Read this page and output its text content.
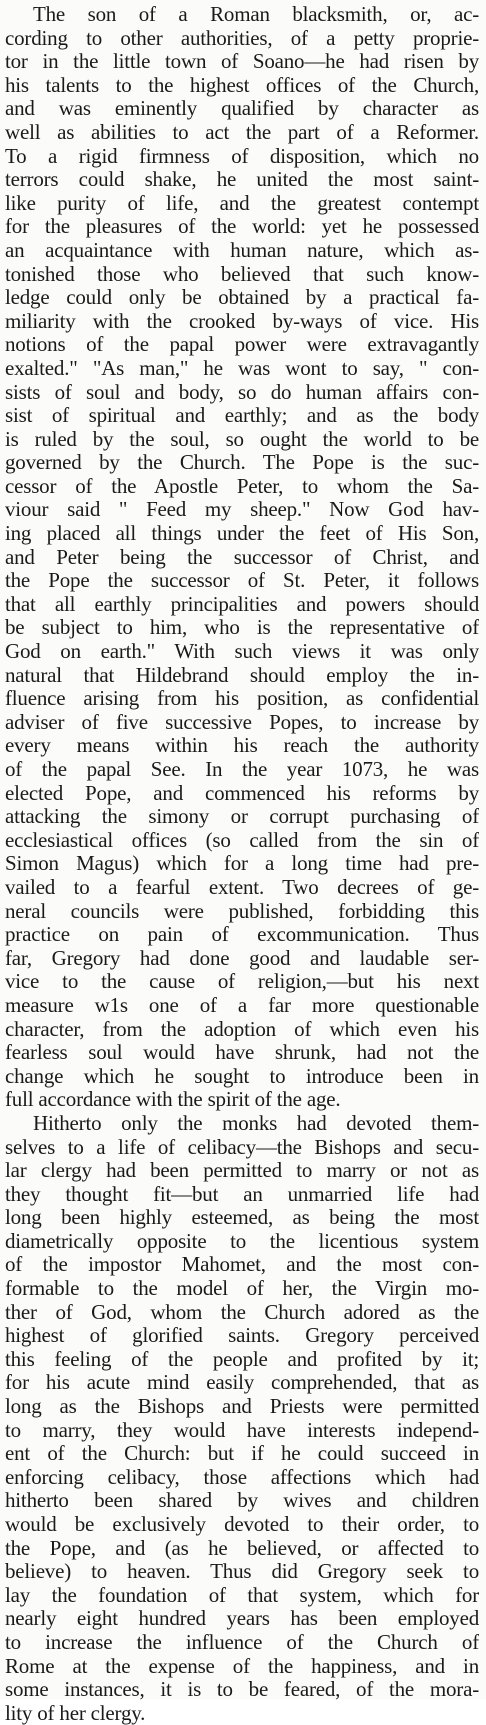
The son of a Roman blacksmith, or, ac-
cording to other authorities, of a petty proprie-
tor in the little town of Soano—he had risen by
his talents to the highest offices of the Church,
and was eminently qualified by character as
well as abilities to act the part of a Reformer.
To a rigid firmness of disposition, which no
terrors could shake, he united the most saint-
like purity of life, and the greatest contempt
for the pleasures of the world: yet he possessed
an acquaintance with human nature, which as-
tonished those who believed that such know-
ledge could only be obtained by a practical fa-
miliarity with the crooked by-ways of vice. His
notions of the papal power were extravagantly
exalted." "As man," he was wont to say, " con-
sists of soul and body, so do human affairs con-
sist of spiritual and earthly; and as the body
is ruled by the soul, so ought the world to be
governed by the Church. The Pope is the suc-
cessor of the Apostle Peter, to whom the Sa-
viour said " Feed my sheep." Now God hav-
ing placed all things under the feet of His Son,
and Peter being the successor of Christ, and
the Pope the successor of St. Peter, it follows
that all earthly principalities and powers should
be subject to him, who is the representative of
God on earth." With such views it was only
natural that Hildebrand should employ the in-
fluence arising from his position, as confidential
adviser of five successive Popes, to increase by
every means within his reach the authority
of the papal See. In the year 1073, he was
elected Pope, and commenced his reforms by
attacking the simony or corrupt purchasing of
ecclesiastical offices (so called from the sin of
Simon Magus) which for a long time had pre-
vailed to a fearful extent. Two decrees of ge-
neral councils were published, forbidding this
practice on pain of excommunication. Thus
far, Gregory had done good and laudable ser-
vice to the cause of religion,—but his next
measure w1s one of a far more questionable
character, from the adoption of which even his
fearless soul would have shrunk, had not the
change which he sought to introduce been in
full accordance with the spirit of the age.
Hitherto only the monks had devoted them-
selves to a life of celibacy—the Bishops and secu-
lar clergy had been permitted to marry or not as
they thought fit—but an unmarried life had
long been highly esteemed, as being the most
diametrically opposite to the licentious system
of the impostor Mahomet, and the most con-
formable to the model of her, the Virgin mo-
ther of God, whom the Church adored as the
highest of glorified saints. Gregory perceived
this feeling of the people and profited by it;
for his acute mind easily comprehended, that as
long as the Bishops and Priests were permitted
to marry, they would have interests independ-
ent of the Church: but if he could succeed in
enforcing celibacy, those affections which had
hitherto been shared by wives and children
would be exclusively devoted to their order, to
the Pope, and (as he believed, or affected to
believe) to heaven. Thus did Gregory seek to
lay the foundation of that system, which for
nearly eight hundred years has been employed
to increase the influence of the Church of
Rome at the expense of the happiness, and in
some instances, it is to be feared, of the mora-
lity of her clergy.
